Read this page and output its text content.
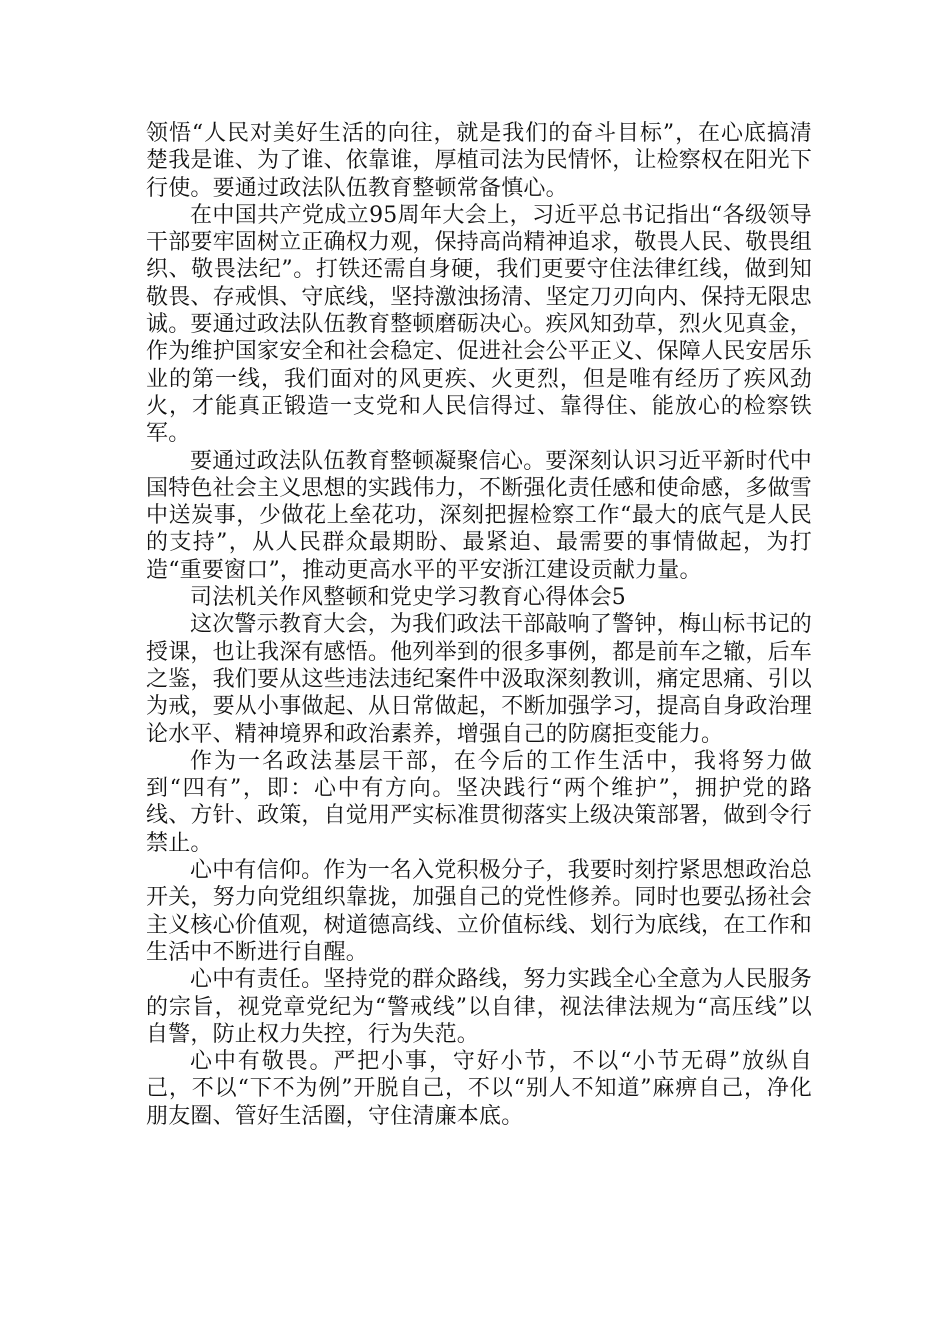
领悟“人民对美好生活的向往，就是我们的奋斗目标”，在心底搞清楚我是谁、为了谁、依靠谁，厚植司法为民情怀，让检察权在阳光下行使。要通过政法队伍教育整顿常备慎心。

在中国共产党成立95周年大会上，习近平总书记指出“各级领导干部要牢固树立正确权力观，保持高尚精神追求，敬畏人民、敬畏组织、敬畏法纪”。打铁还需自身硬，我们更要守住法律红线，做到知敬畏、存戒惧、守底线，坚持激浊扬清、坚定刀刃向内、保持无限忠诚。要通过政法队伍教育整顿磨砺决心。疾风知劲草，烈火见真金，作为维护国家安全和社会稳定、促进社会公平正义、保障人民安居乐业的第一线，我们面对的风更疾、火更烈，但是唯有经历了疾风劲火，才能真正锻造一支党和人民信得过、靠得住、能放心的检察铁军。

要通过政法队伍教育整顿凝聚信心。要深刻认识习近平新时代中国特色社会主义思想的实践伟力，不断强化责任感和使命感，多做雪中送炭事，少做花上垒花功，深刻把握检察工作“最大的底气是人民的支持”，从人民群众最期盼、最紧迫、最需要的事情做起，为打造“重要窗口”，推动更高水平的平安浙江建设贡献力量。

司法机关作风整顿和党史学习教育心得体会5

这次警示教育大会，为我们政法干部敲响了警钟，梅山标书记的授课，也让我深有感悟。他列举到的很多事例，都是前车之辙，后车之鉴，我们要从这些违法违纪案件中汲取深刻教训，痛定思痛、引以为戒，要从小事做起、从日常做起，不断加强学习，提高自身政治理论水平、精神境界和政治素养，增强自己的防腐拒变能力。

作为一名政法基层干部，在今后的工作生活中，我将努力做到“四有”，即：心中有方向。坚决践行“两个维护”，拥护党的路线、方针、政策，自觉用严实标准贯彻落实上级决策部署，做到令行禁止。

心中有信仰。作为一名入党积极分子，我要时刻拧紧思想政治总开关，努力向党组织靠拢，加强自己的党性修养。同时也要弘扬社会主义核心价值观，树道德高线、立价值标线、划行为底线，在工作和生活中不断进行自醒。

心中有责任。坚持党的群众路线，努力实践全心全意为人民服务的宗旨，视党章党纪为“警戒线”以自律，视法律法规为“高压线”以自警，防止权力失控，行为失范。

心中有敬畏。严把小事，守好小节，不以“小节无碍”放纵自己，不以“下不为例”开脱自己，不以“别人不知道”麻痹自己，净化朋友圈、管好生活圈，守住清廉本底。
